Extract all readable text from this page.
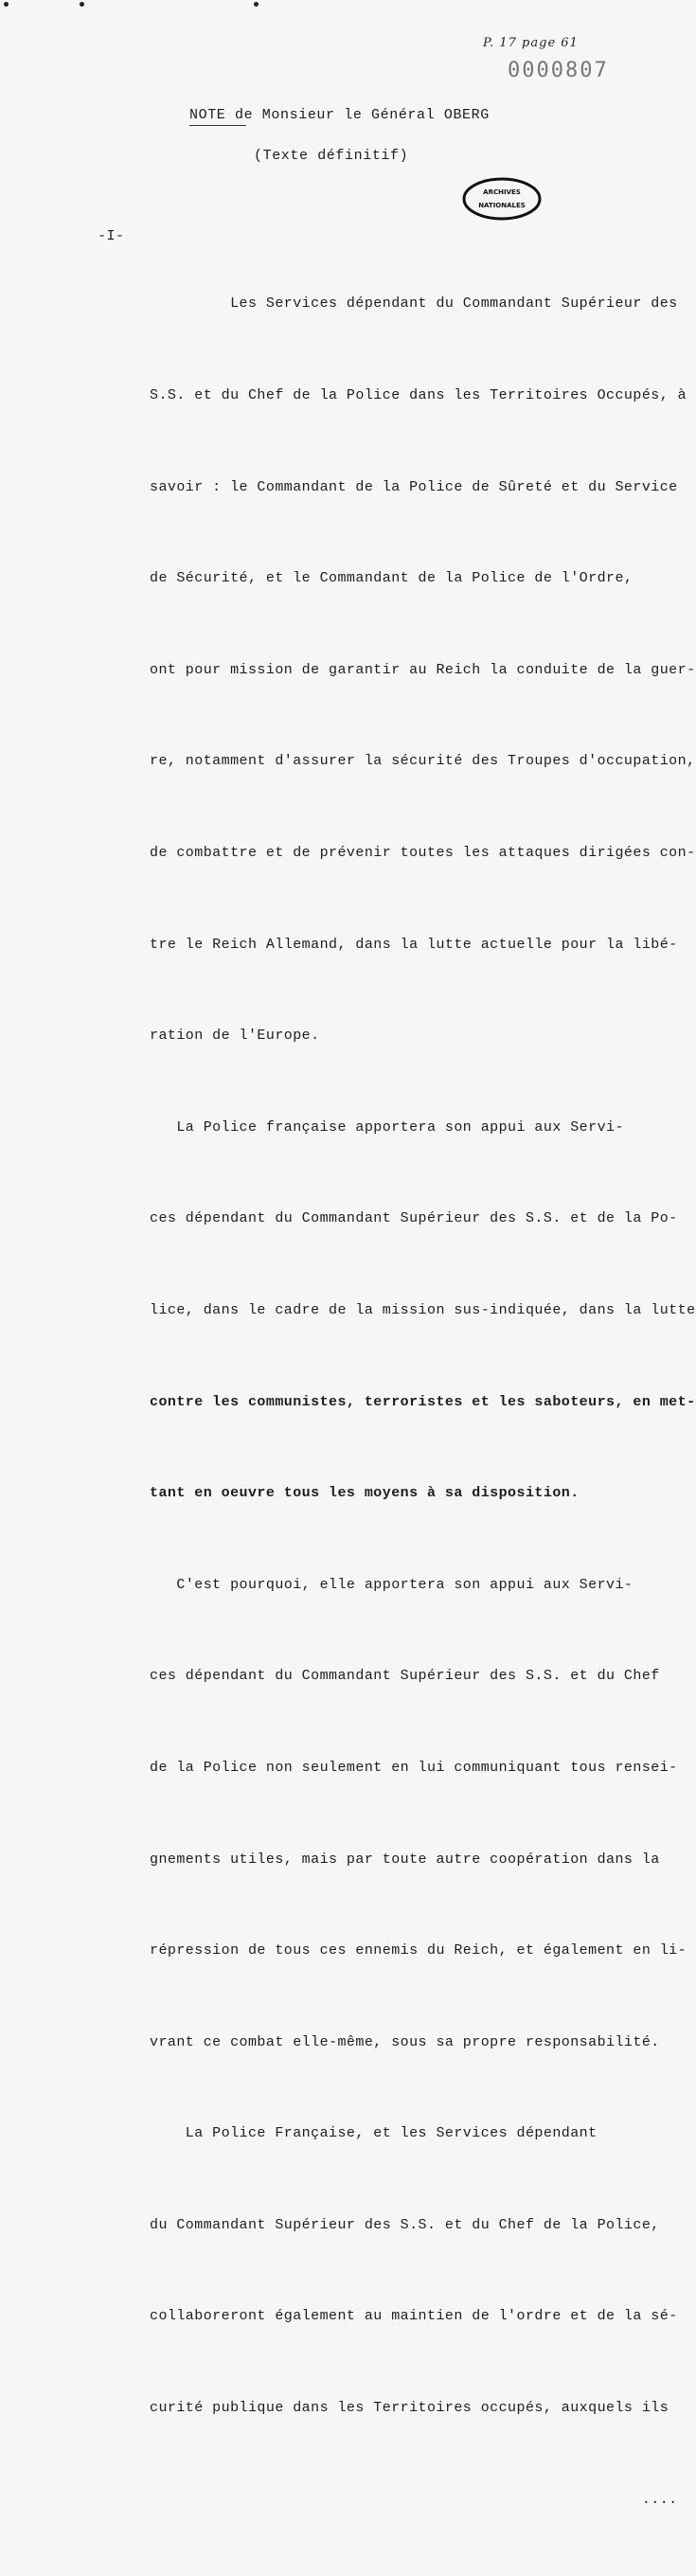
P. 17 page 61
0000807
NOTE de Monsieur le Général OBERG
(Texte définitif)
ARCHIVES
NATIONALES
-I-

Les Services dépendant du Commandant Supérieur des

S.S. et du Chef de la Police dans les Territoires Occupés, à

savoir : le Commandant de la Police de Sûreté et du Service

de Sécurité, et le Commandant de la Police de l'Ordre,

ont pour mission de garantir au Reich la conduite de la guer-

re, notamment d'assurer la sécurité des Troupes d'occupation,

de combattre et de prévenir toutes les attaques dirigées con-

tre le Reich Allemand, dans la lutte actuelle pour la libé-

ration de l'Europe.

La Police française apportera son appui aux Servi-

ces dépendant du Commandant Supérieur des S.S. et de la Po-

lice, dans le cadre de la mission sus-indiquée, dans la lutte

contre les communistes, terroristes et les saboteurs, en met-

tant en oeuvre tous les moyens à sa disposition.

C'est pourquoi, elle apportera son appui aux Servi-

ces dépendant du Commandant Supérieur des S.S. et du Chef

de la Police non seulement en lui communiquant tous rensei-

gnements utiles, mais par toute autre coopération dans la

répression de tous ces ennemis du Reich, et également en li-

vrant ce combat elle-même, sous sa propre responsabilité.

La Police Française, et les Services dépendant

du Commandant Supérieur des S.S. et du Chef de la Police,

collaboreront également au maintien de l'ordre et de la sé-

curité publique dans les Territoires occupés, auxquels ils

....
